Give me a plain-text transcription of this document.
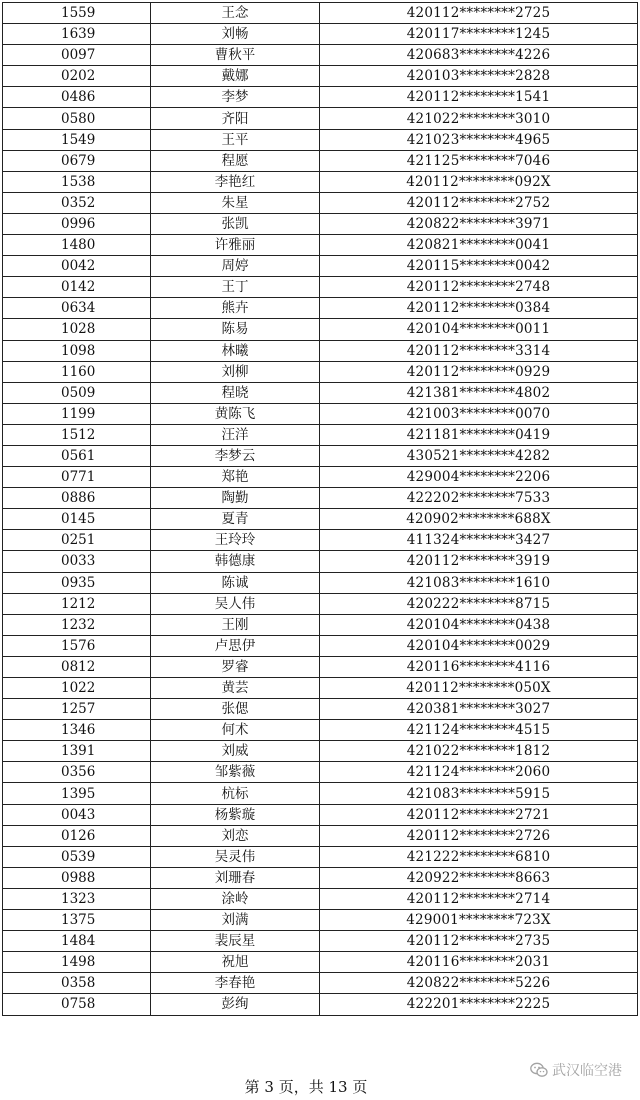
1559	王念	420112********2725
1639	刘畅	420117********1245
0097	曹秋平	420683********4226
0202	戴娜	420103********2828
0486	李梦	420112********1541
0580	齐阳	421022********3010
1549	王平	421023********4965
0679	程愿	421125********7046
1538	李艳红	420112********092X
0352	朱星	420112********2752
0996	张凯	420822********3971
1480	许雅丽	420821********0041
0042	周婷	420115********0042
0142	王丁	420112********2748
0634	熊卉	420112********0384
1028	陈易	420104********0011
1098	林曦	420112********3314
1160	刘柳	420112********0929
0509	程晓	421381********4802
1199	黄陈飞	421003********0070
1512	汪洋	421181********0419
0561	李梦云	430521********4282
0771	郑艳	429004********2206
0886	陶勤	422202********7533
0145	夏青	420902********688X
0251	王玲玲	411324********3427
0033	韩德康	420112********3919
0935	陈诚	421083********1610
1212	吴人伟	420222********8715
1232	王刚	420104********0438
1576	卢思伊	420104********0029
0812	罗睿	420116********4116
1022	黄芸	420112********050X
1257	张偲	420381********3027
1346	何术	421124********4515
1391	刘威	421022********1812
0356	邹紫薇	421124********2060
1395	杭标	421083********5915
0043	杨紫璇	420112********2721
0126	刘恋	420112********2726
0539	吴灵伟	421222********6810
0988	刘珊春	420922********8663
1323	涂岭	420112********2714
1375	刘满	429001********723X
1484	裴辰星	420112********2735
1498	祝旭	420116********2031
0358	李春艳	420822********5226
0758	彭绚	422201********2225
第 3 页，共 13 页
武汉临空港
